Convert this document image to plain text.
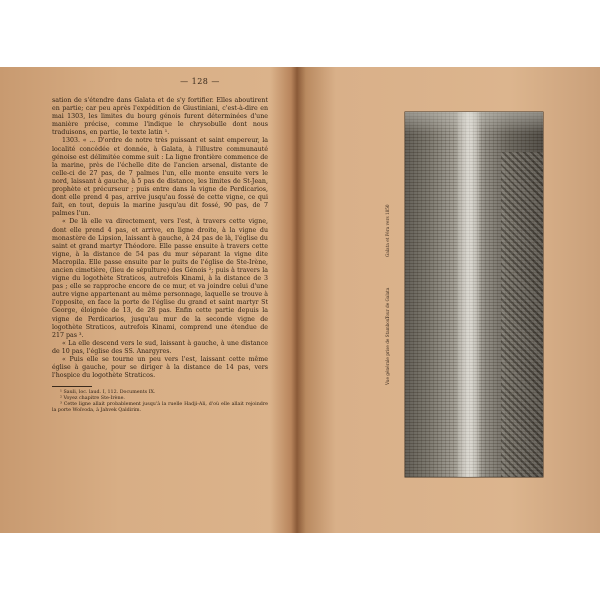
— 128 —

sation de s'étendre dans Galata et de s'y fortifier. Elles aboutirent en partie; car peu après l'expédition de Giustiniani, c'est-à-dire en mai 1303, les limites du bourg génois furent déterminées d'une manière précise, comme l'indique le chrysobulle dont nous traduisons, en partie, le texte latin ¹.

1303. « ... D'ordre de notre très puissant et saint empereur, la localité concédée et donnée, à Galata, à l'illustre communauté génoise est délimitée comme suit : La ligne frontière commence de la marine, près de l'échelle dite de l'ancien arsenal, distante de celle-ci de 27 pas, de 7 palmes l'un, elle monte ensuite vers le nord, laissant à gauche, à 5 pas de distance, les limites de St-Jean, prophète et précurseur ; puis entre dans la vigne de Perdicarios, dont elle prend 4 pas, arrive jusqu'au fossé de cette vigne, ce qui fait, en tout, depuis la marine jusqu'au dit fossé, 90 pas, de 7 palmes l'un.

« De là elle va directement, vers l'est, à travers cette vigne, dont elle prend 4 pas, et arrive, en ligne droite, à la vigne du monastère de Lipsion, laissant à gauche, à 24 pas de là, l'église du saint et grand martyr Théodore. Elle passe ensuite à travers cette vigne, à la distance de 54 pas du mur séparant la vigne dite Macropila. Elle passe ensuite par le puits de l'église de Ste-Irène, ancien cimetière, (lieu de sépulture) des Génois ²; puis à travers la vigne du logothète Straticos, autrefois Kinami, à la distance de 3 pas ; elle se rapproche encore de ce mur, et va joindre celui d'une autre vigne appartenant au même personnage, laquelle se trouve à l'opposite, en face la porte de l'église du grand et saint martyr St George, éloignée de 13, de 28 pas. Enfin cette partie depuis la vigne de Perdicarios, jusqu'au mur de la seconde vigne de logothète Straticos, autrefois Kinami, comprend une étendue de 217 pas ³.

« La elle descend vers le sud, laissant à gauche, à une distance de 10 pas, l'église des SS. Anargyres.

« Puis elle se tourne un peu vers l'est, laissant cette même église à gauche, pour se diriger à la distance de 14 pas, vers l'hospice du logothète Straticos.

¹ Sauli, loc. laud. I, 112. Documents IX.

² Voyez chapitre Ste-Irène.

³ Cette ligne allait probablement jusqu'à la ruelle Hadji-Ali, d'où elle allait rejoindre la porte Woïvoda, à Jahvek Qaldirim.

Galata et Péra vers 1850
Tour de Galata
Vue générale prise de Stamboul
